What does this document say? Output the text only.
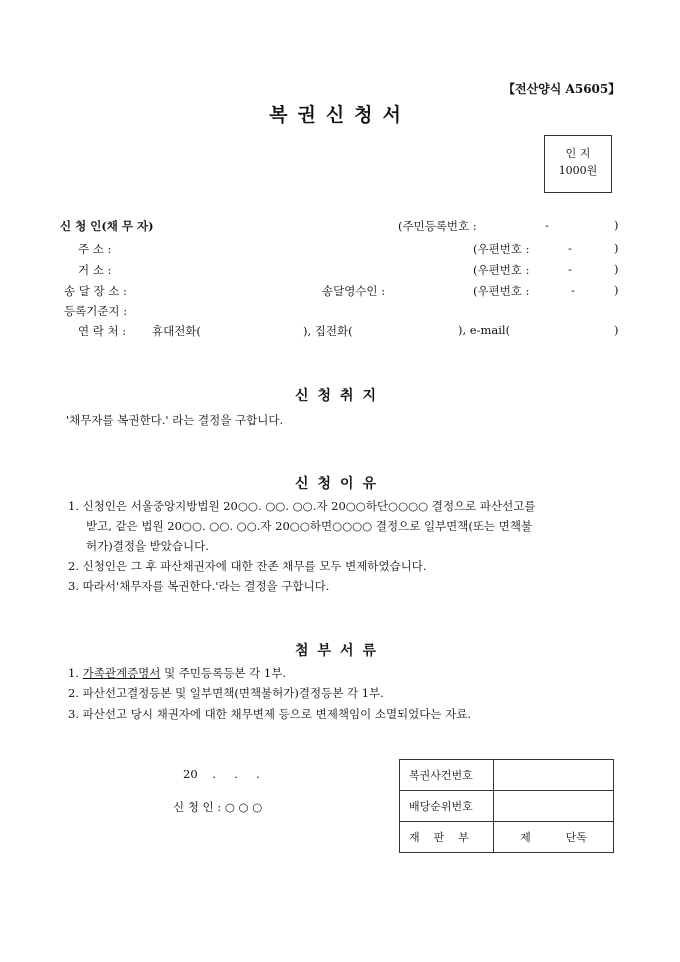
【전산양식 A5605】
복권신청서
인 지
1000원
신 청 인(채 무 자)	(주민등록번호 :	-	)
주 소 :	(우편번호 :	-	)
거 소 :	(우편번호 :	-	)
송 달 장 소 :	송달영수인 :	(우편번호 :	-	)
등록기준지 :
연 락 처 : 휴대전화(	), 집전화(	), e-mail(	)
신청취지
'채무자를 복권한다.' 라는 결정을 구합니다.
신청이유
1. 신청인은 서울중앙지방법원 20○○. ○○. ○○.자 20○○하단○○○○ 결정으로 파산선고를
받고, 같은 법원 20○○. ○○. ○○.자 20○○하면○○○○ 결정으로 일부면책(또는 면책불
허가)결정을 받았습니다.
2. 신청인은 그 후 파산채권자에 대한 잔존 채무를 모두 변제하였습니다.
3. 따라서'채무자를 복권한다.'라는 결정을 구합니다.
첨부서류
1. 가족관계증명서 및 주민등록등본 각 1부.
2. 파산선고결정등본 및 일부면책(면책불허가)결정등본 각 1부.
3. 파산선고 당시 채권자에 대한 채무변제 등으로 변제책임이 소멸되었다는 자료.
20    .     .     .
신 청 인 : ○ ○ ○
복권사건번호	
배당순위번호	
재    판    부	제          단독
